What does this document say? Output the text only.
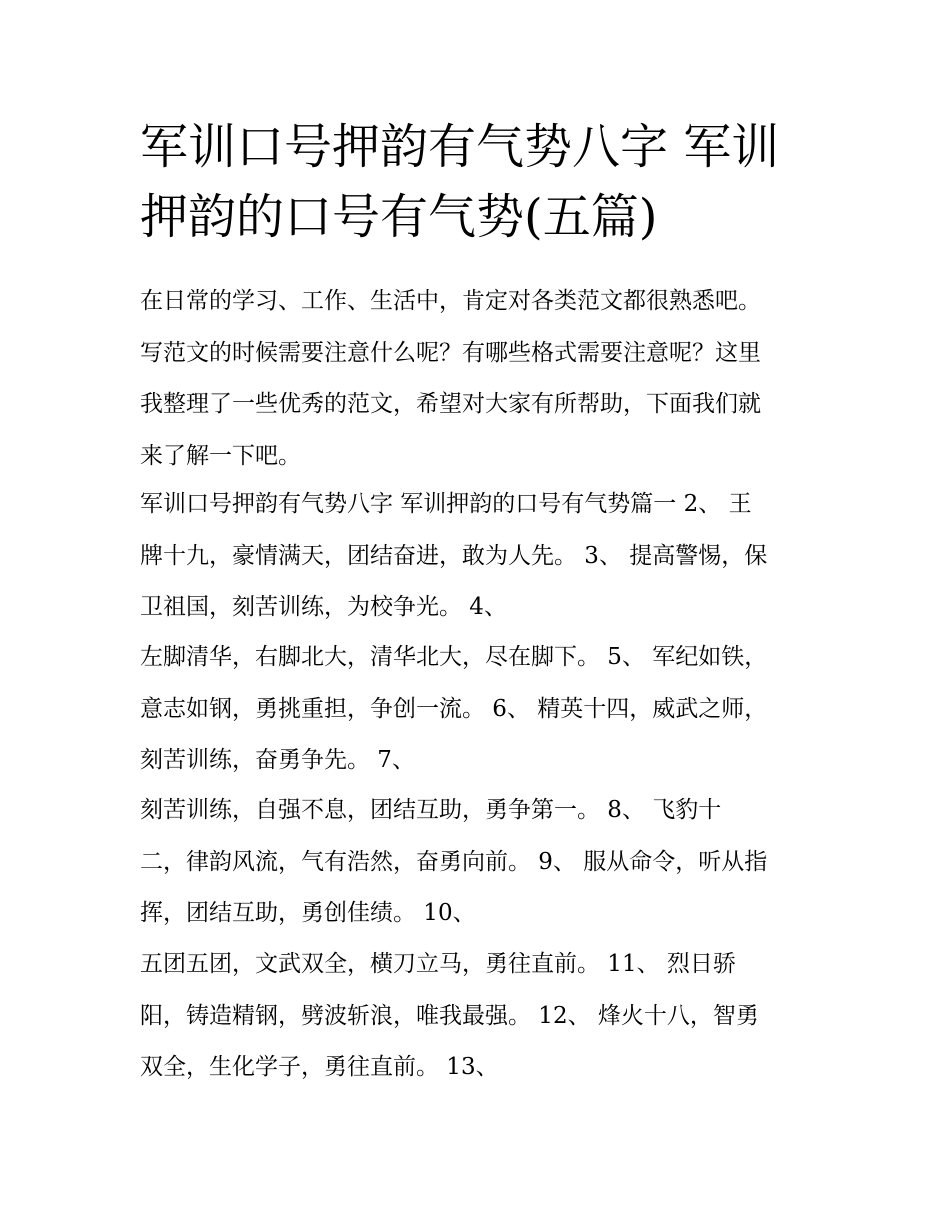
军训口号押韵有气势八字 军训
押韵的口号有气势(五篇)

在日常的学习、工作、生活中，肯定对各类范文都很熟悉吧。
写范文的时候需要注意什么呢？有哪些格式需要注意呢？这里
我整理了一些优秀的范文，希望对大家有所帮助，下面我们就
来了解一下吧。

军训口号押韵有气势八字 军训押韵的口号有气势篇一 2、 王
牌十九，豪情满天，团结奋进，敢为人先。 3、 提高警惕，保
卫祖国，刻苦训练，为校争光。 4、

左脚清华，右脚北大，清华北大，尽在脚下。 5、 军纪如铁，
意志如钢，勇挑重担，争创一流。 6、 精英十四，威武之师，
刻苦训练，奋勇争先。 7、

刻苦训练，自强不息，团结互助，勇争第一。 8、 飞豹十
二，律韵风流，气有浩然，奋勇向前。 9、 服从命令，听从指
挥，团结互助，勇创佳绩。 10、

五团五团，文武双全，横刀立马，勇往直前。 11、 烈日骄
阳，铸造精钢，劈波斩浪，唯我最强。 12、 烽火十八，智勇
双全，生化学子，勇往直前。 13、
